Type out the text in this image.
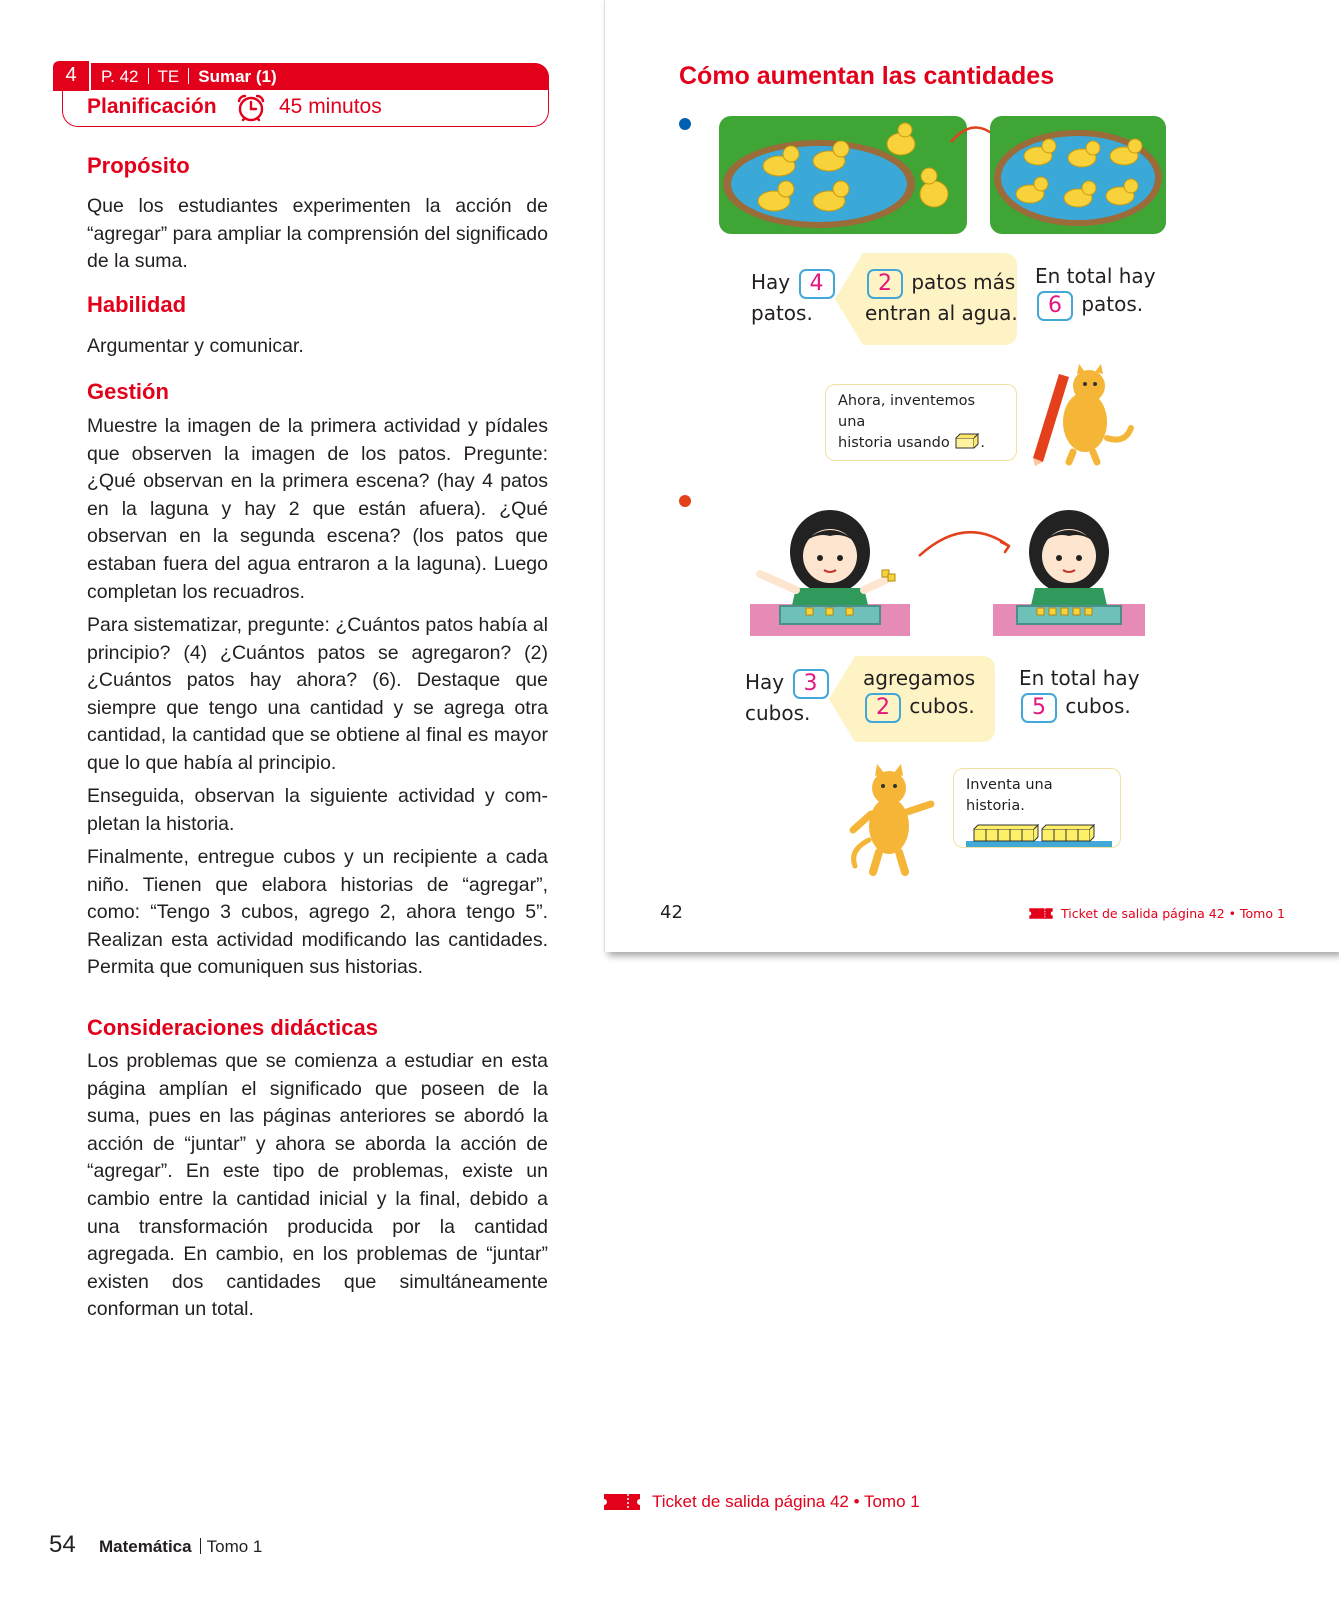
4	P. 42 TE Sumar (1)
Planificación	45 minutos
Propósito
Que los estudiantes experimenten la acción de “agregar” para ampliar la comprensión del significado de la suma.
Habilidad
Argumentar y comunicar.
Gestión
Muestre la imagen de la primera actividad y pídales que observen la imagen de los patos. Pregunte: ¿Qué observan en la primera escena? (hay 4 patos en la laguna y hay 2 que están afuera). ¿Qué observan en la segunda escena? (los patos que estaban fuera del agua entraron a la laguna). Luego completan los recuadros.
Para sistematizar, pregunte: ¿Cuántos patos había al principio? (4) ¿Cuántos patos se agregaron? (2) ¿Cuántos patos hay ahora? (6). Destaque que siempre que tengo una cantidad y se agrega otra cantidad, la cantidad que se obtiene al final es mayor que lo que había al principio.
Enseguida, observan la siguiente actividad y completan la historia.
Finalmente, entregue cubos y un recipiente a cada niño. Tienen que elabora historias de “agregar”, como: “Tengo 3 cubos, agrego 2, ahora tengo 5”. Realizan esta actividad modificando las cantidades. Permita que comuniquen sus historias.
Consideraciones didácticas
Los problemas que se comienza a estudiar en esta página amplían el significado que poseen de la suma, pues en las páginas anteriores se abordó la acción de “juntar” y ahora se aborda la acción de “agregar”. En este tipo de problemas, existe un cambio entre la cantidad inicial y la final, debido a una transformación producida por la cantidad agregada. En cambio, en los problemas de “juntar” existen dos cantidades que simultáneamente conforman un total.
Ticket de salida página 42 • Tomo 1
54 Matemática Tomo 1
Cómo aumentan las cantidades
Hay 4
patos.
2 patos más
entran al agua.
En total hay
6 patos.
Ahora, inventemos una
historia usando .
Hay 3
cubos.
agregamos
2 cubos.
En total hay
5 cubos.
Inventa una historia.
42	Ticket de salida página 42 • Tomo 1
